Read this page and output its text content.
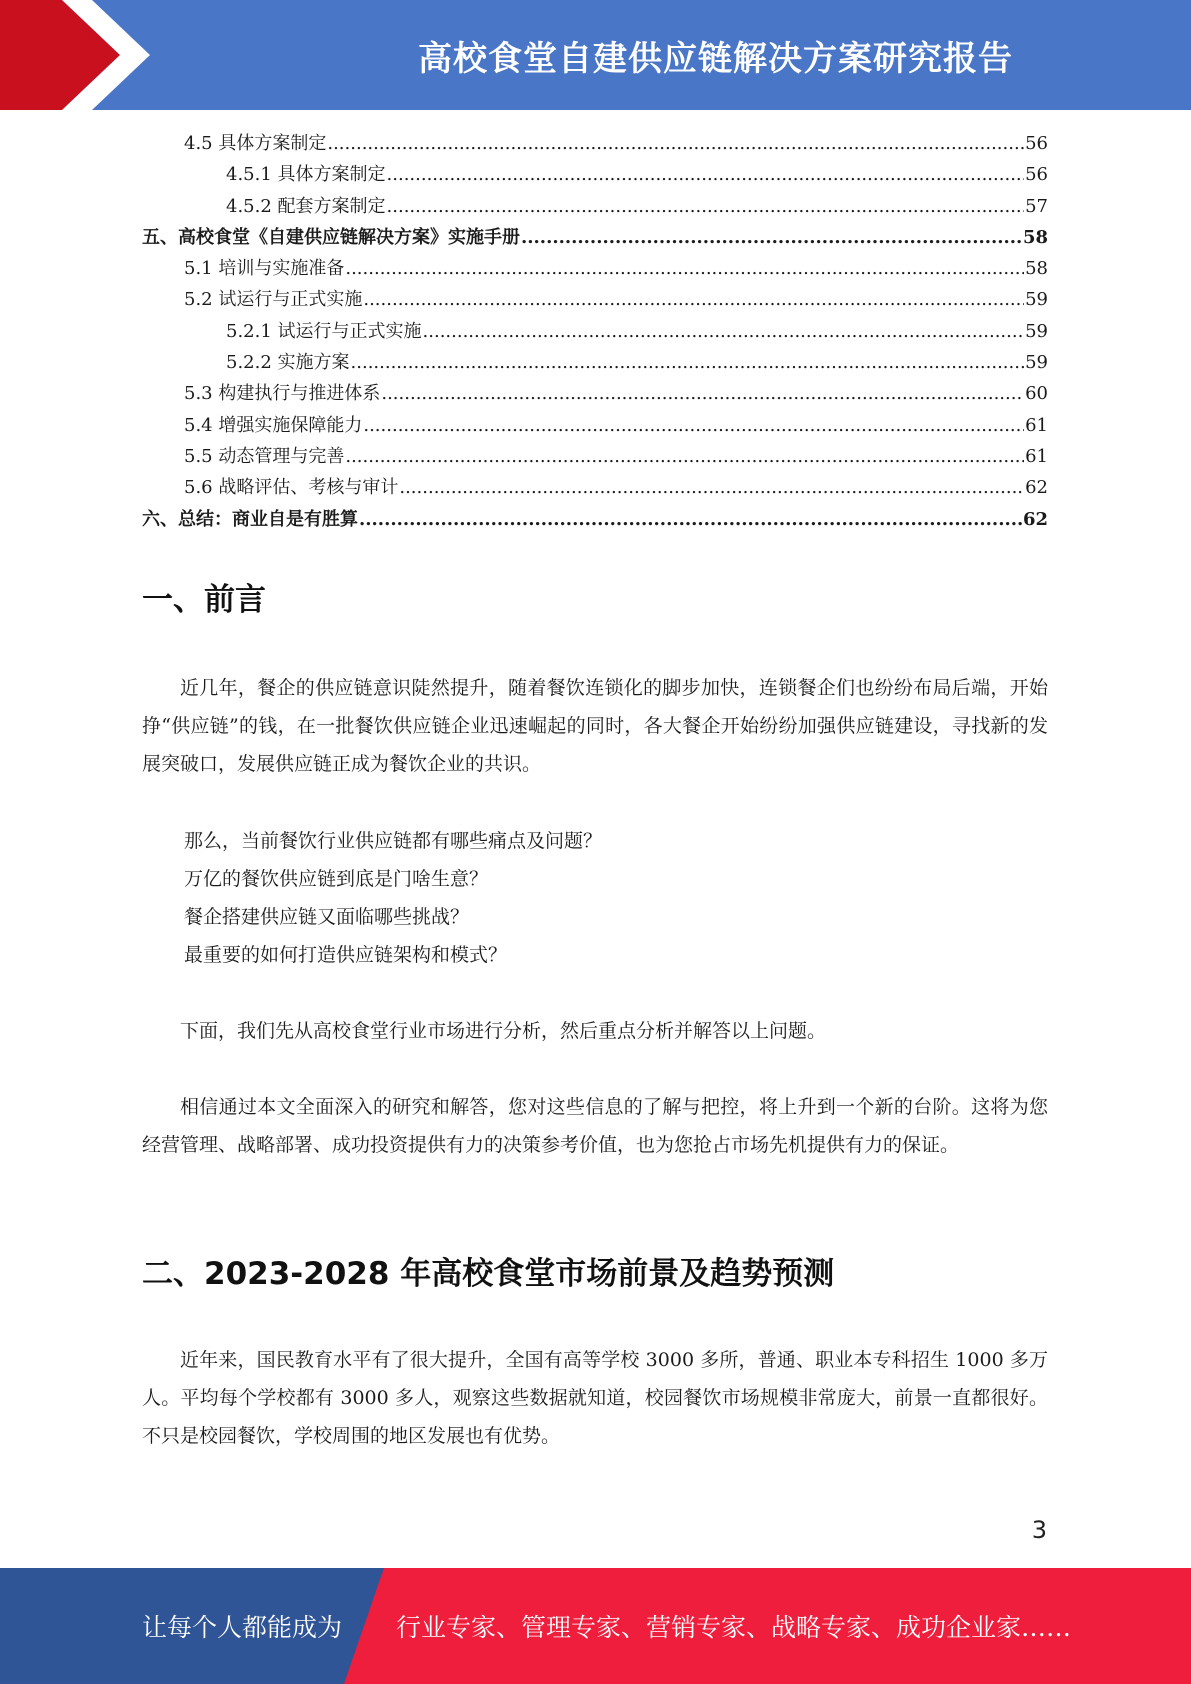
高校食堂自建供应链解决方案研究报告
4.5 具体方案制定 .....	56
4.5.1 具体方案制定 .....	56
4.5.2 配套方案制定 .....	57
五、高校食堂《自建供应链解决方案》实施手册 .....	58
5.1 培训与实施准备 .....	58
5.2 试运行与正式实施 .....	59
5.2.1 试运行与正式实施 .....	59
5.2.2 实施方案 .....	59
5.3 构建执行与推进体系 .....	60
5.4 增强实施保障能力 .....	61
5.5 动态管理与完善 .....	61
5.6 战略评估、考核与审计 .....	62
六、总结：商业自是有胜算 .....	62
一、前言

近几年，餐企的供应链意识陡然提升，随着餐饮连锁化的脚步加快，连锁餐企们也纷纷布局后端，开始挣“供应链”的钱，在一批餐饮供应链企业迅速崛起的同时，各大餐企开始纷纷加强供应链建设，寻找新的发展突破口，发展供应链正成为餐饮企业的共识。

那么，当前餐饮行业供应链都有哪些痛点及问题？

万亿的餐饮供应链到底是门啥生意？

餐企搭建供应链又面临哪些挑战？

最重要的如何打造供应链架构和模式？

下面，我们先从高校食堂行业市场进行分析，然后重点分析并解答以上问题。

相信通过本文全面深入的研究和解答，您对这些信息的了解与把控，将上升到一个新的台阶。这将为您经营管理、战略部署、成功投资提供有力的决策参考价值，也为您抢占市场先机提供有力的保证。

二、2023-2028 年高校食堂市场前景及趋势预测

近年来，国民教育水平有了很大提升，全国有高等学校 3000 多所，普通、职业本专科招生 1000 多万人。平均每个学校都有 3000 多人，观察这些数据就知道，校园餐饮市场规模非常庞大，前景一直都很好。不只是校园餐饮，学校周围的地区发展也有优势。

3
让每个人都能成为 行业专家、管理专家、营销专家、战略专家、成功企业家……
